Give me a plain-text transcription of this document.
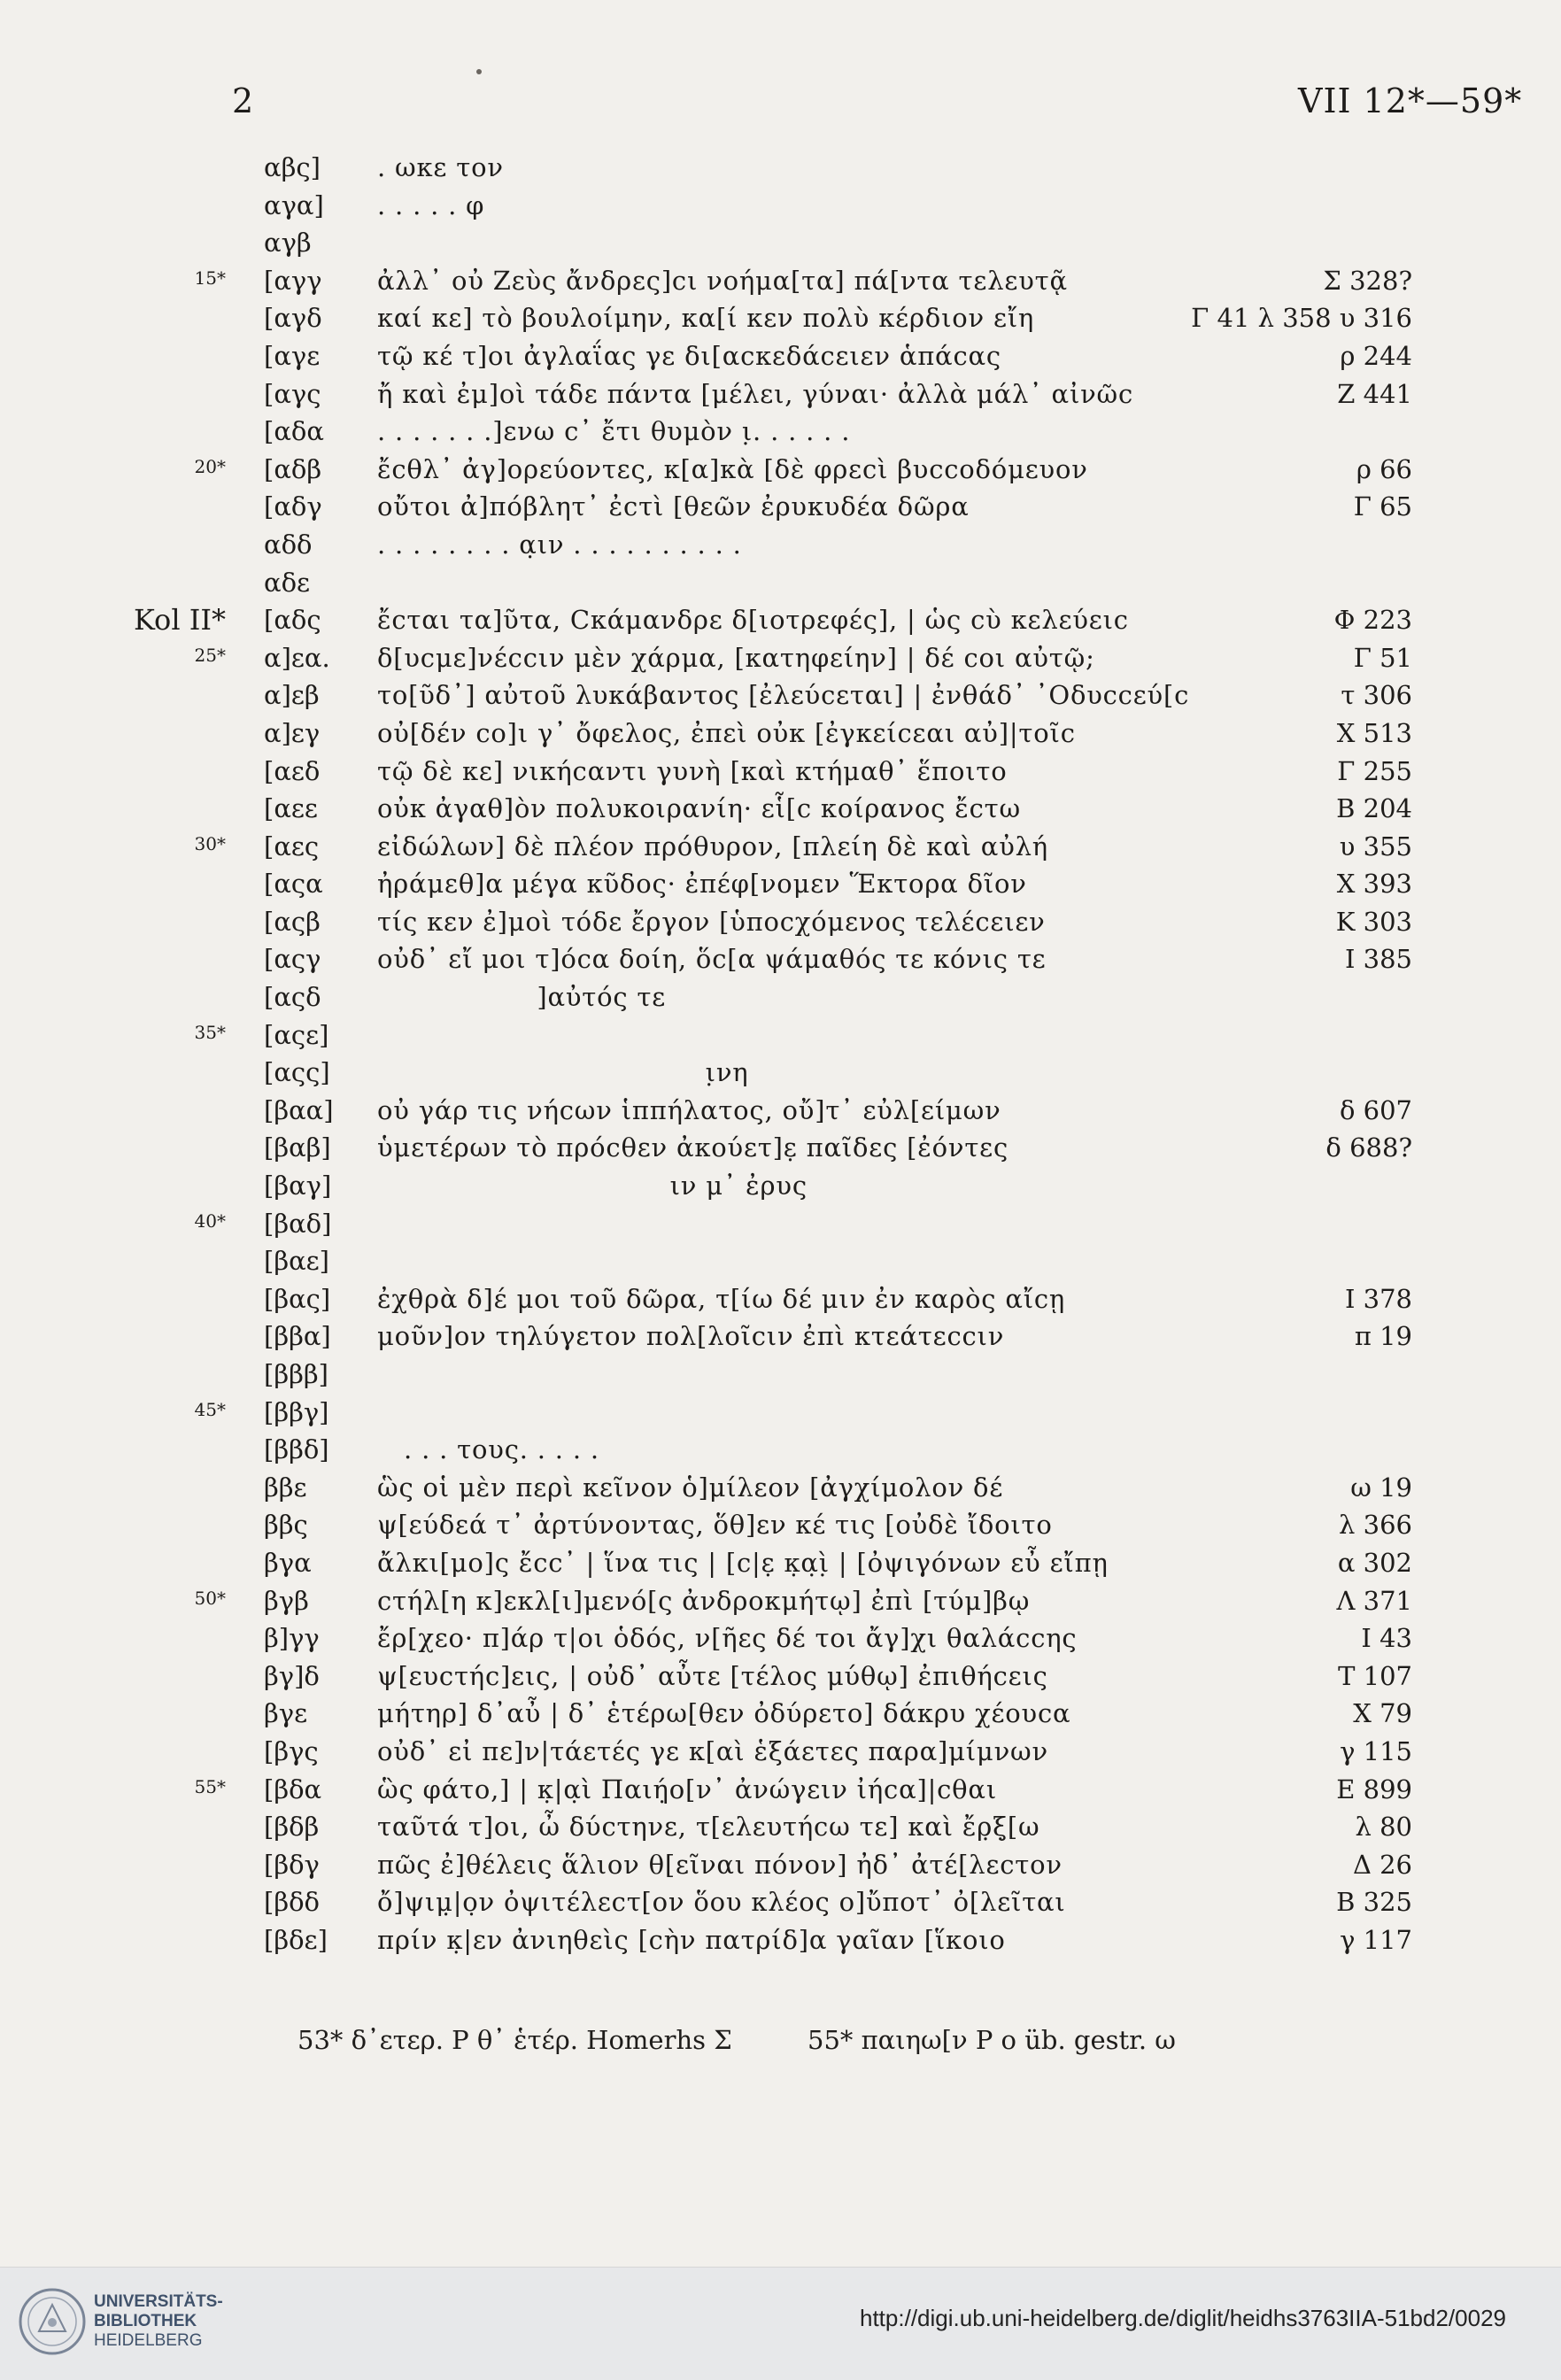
2	VII 12*—59*
αβς] . ωκε τον
αγα] . . . . . φ
αγβ
15* [αγγ ἀλλ᾽ οὐ Ζεὺς ἄνδρες]ϲι νοήμα[τα] πά[ντα τελευτᾷ	Σ 328?
[αγδ καί κε] τὸ βουλοίμην, κα[ί κεν πολὺ κέρδιον εἴη	Γ 41 λ 358 υ 316
[αγε τῷ κέ τ]οι ἀγλαΐας γε δι[αϲκεδάϲειεν ἁπάϲας	ρ 244
[αγς ἤ καὶ ἐμ]οὶ τάδε πάντα [μέλει, γύναι· ἀλλὰ μάλ᾽ αἰνῶϲ	Ζ 441
[αδα . . . . . . .]ενω c᾽ ἔτι θυμὸν ι̣. . . . . .
20* [αδβ ἔϲθλ᾽ ἀγ]ορεύοντες, κ[α]κὰ [δὲ φρεϲὶ βυϲϲοδόμευον	ρ 66
[αδγ οὔτοι ἀ]πόβλητ᾽ ἐϲτὶ [θεῶν ἐρυκυδέα δῶρα	Γ 65
αδδ	. . . . . . . . α̣ιν . . . . . . . . . .
αδε
Kol II* [αδς ἔϲται τα]ῦτα, Cκάμανδρε δ[ιοτρεφές], | ὡς cὺ κελεύειϲ	Φ 223
25* α]εα. δ[υϲμε]νέϲϲιν μὲν χάρμα, [κατηφείην] | δέ ϲοι αὐτῷ;	Γ 51
α]εβ το[ῦδ᾽] αὐτοῦ λυκάβαντος [ἐλεύϲεται] | ἐνθάδ᾽ ᾽Οδυϲϲεύ[ϲ	τ 306
α]εγ οὐ[δέν ϲο]ι γ᾽ ὄφελος, ἐπεὶ οὐκ [ἐγκείϲεαι αὐ]|τοῖϲ	Χ 513
[αεδ τῷ δὲ κε] νικήϲαντι γυνὴ [καὶ κτήμαθ᾽ ἕποιτο	Γ 255
[αεε οὐκ ἀγαθ]ὸν πολυκοιρανίη· εἷ[ϲ κοίρανος ἔϲτω	Β 204
30* [αες εἰδώλων] δὲ πλέον πρόθυρον, [πλείη δὲ καὶ αὐλή	υ 355
[αςα ἠράμεθ]α μέγα κῦδος· ἐπέφ[νομεν Ἕκτορα δῖον	Χ 393
[αςβ τίς κεν ἐ]μοὶ τόδε ἔργον [ὑποϲχόμενος τελέϲειεν	Κ 303
[αςγ οὐδ᾽ εἴ μοι τ]όϲα δοίη, ὅϲ[α ψάμαθός τε κόνις τε	Ι 385
[αςδ ]αὐτός τε
35* [αςε]
[αςς] ι̣νη
[βαα] οὐ γάρ τις νήϲων ἱππήλατος, οὔ]τ᾽ εὐλ[είμων	δ 607
[βαβ] ὑμετέρων τὸ πρόϲθεν ἀκούετ]ε̣ παῖδες [ἐόντες	δ 688?
[βαγ] ιν μ᾽ ἐρυς
40* [βαδ]
[βαε]
[βας] ἐχθρὰ δ]έ μοι τοῦ δῶρα, τ[ίω δέ μιν ἐν καρὸς αἴϲῃ	Ι 378
[ββα] μοῦν]ον τηλύγετον πολ[λοῖϲιν ἐπὶ κτεάτεϲϲιν	π 19
[βββ]
45* [ββγ]
[ββδ] . . . τους. . . . .
ββε	ὣς οἱ μὲν περὶ κεῖνον ὁ]μίλεον [ἀγχίμολον δέ	ω 19
ββς	ψ[εύδεά τ᾽ ἀρτύνοντας, ὅθ]εν κέ τις [οὐδὲ ἴδοιτο	λ 366
βγα	ἄλκι[μο]ς ἔϲϲ᾽ | ἵνα τις | [ϲ|ε̣ κ̣α̣ὶ̣ | [ὀψιγόνων εὖ εἴπῃ	α 302
50* βγβ	ϲτήλ[η κ]εκλ[ι]μενό[ς ἀνδροκμήτῳ] ἐπὶ [τύμ]βῳ	Λ 371
β]γγ ἔρ[χεο· π]άρ τ|οι ὁδός, ν[ῆες δέ τοι ἄγ]χι θαλάϲϲης	Ι 43
βγ]δ ψ[ευϲτήϲ]εις, | οὐδ᾽ αὖτε [τέλος μύθῳ] ἐπιθήϲεις	Τ 107
βγε	μήτηρ] δ᾽αὖ | δ᾽ ἑτέρω[θεν ὀδύρετο] δάκρυ χέουϲα	Χ 79
[βγς οὐδ᾽ εἰ πε]ν|τάετές γε κ[αὶ ἑξάετες παρα]μίμνων	γ 115
55* [βδα ὣς φάτο,] | κ̣|α̣ὶ Παιή̣ο[ν᾽ ἀνώγειν ἰήϲα]|ϲθαι	Ε 899
[βδβ ταῦτά τ]οι, ὦ δύϲτηνε, τ[ελευτήϲω τε] καὶ ἔρ̣ξ̣[ω	λ 80
[βδγ πῶς ἐ]θέλεις ἅλιον θ[εῖναι πόνον] ἠδ᾽ ἀτέ[λεϲτον	Δ 26
[βδδ ὄ]ψιμ̣|ο̣ν ὀψιτέλεϲτ[ον ὅου κλέος ο]ὔποτ᾽ ὀ[λεῖται	Β 325
[βδε] πρίν κ̣|εν ἀνιηθεὶς [ϲὴν πατρίδ]α γαῖαν [ἵκοιο	γ 117
53* δ᾽ετερ. P θ᾽ ἑτέρ. Homerhs Σ	55* παιηω[ν P o üb. gestr. ω
UNIVERSITÄTS-
BIBLIOTHEK
HEIDELBERG
http://digi.ub.uni-heidelberg.de/diglit/heidhs3763IIA-51bd2/0029
